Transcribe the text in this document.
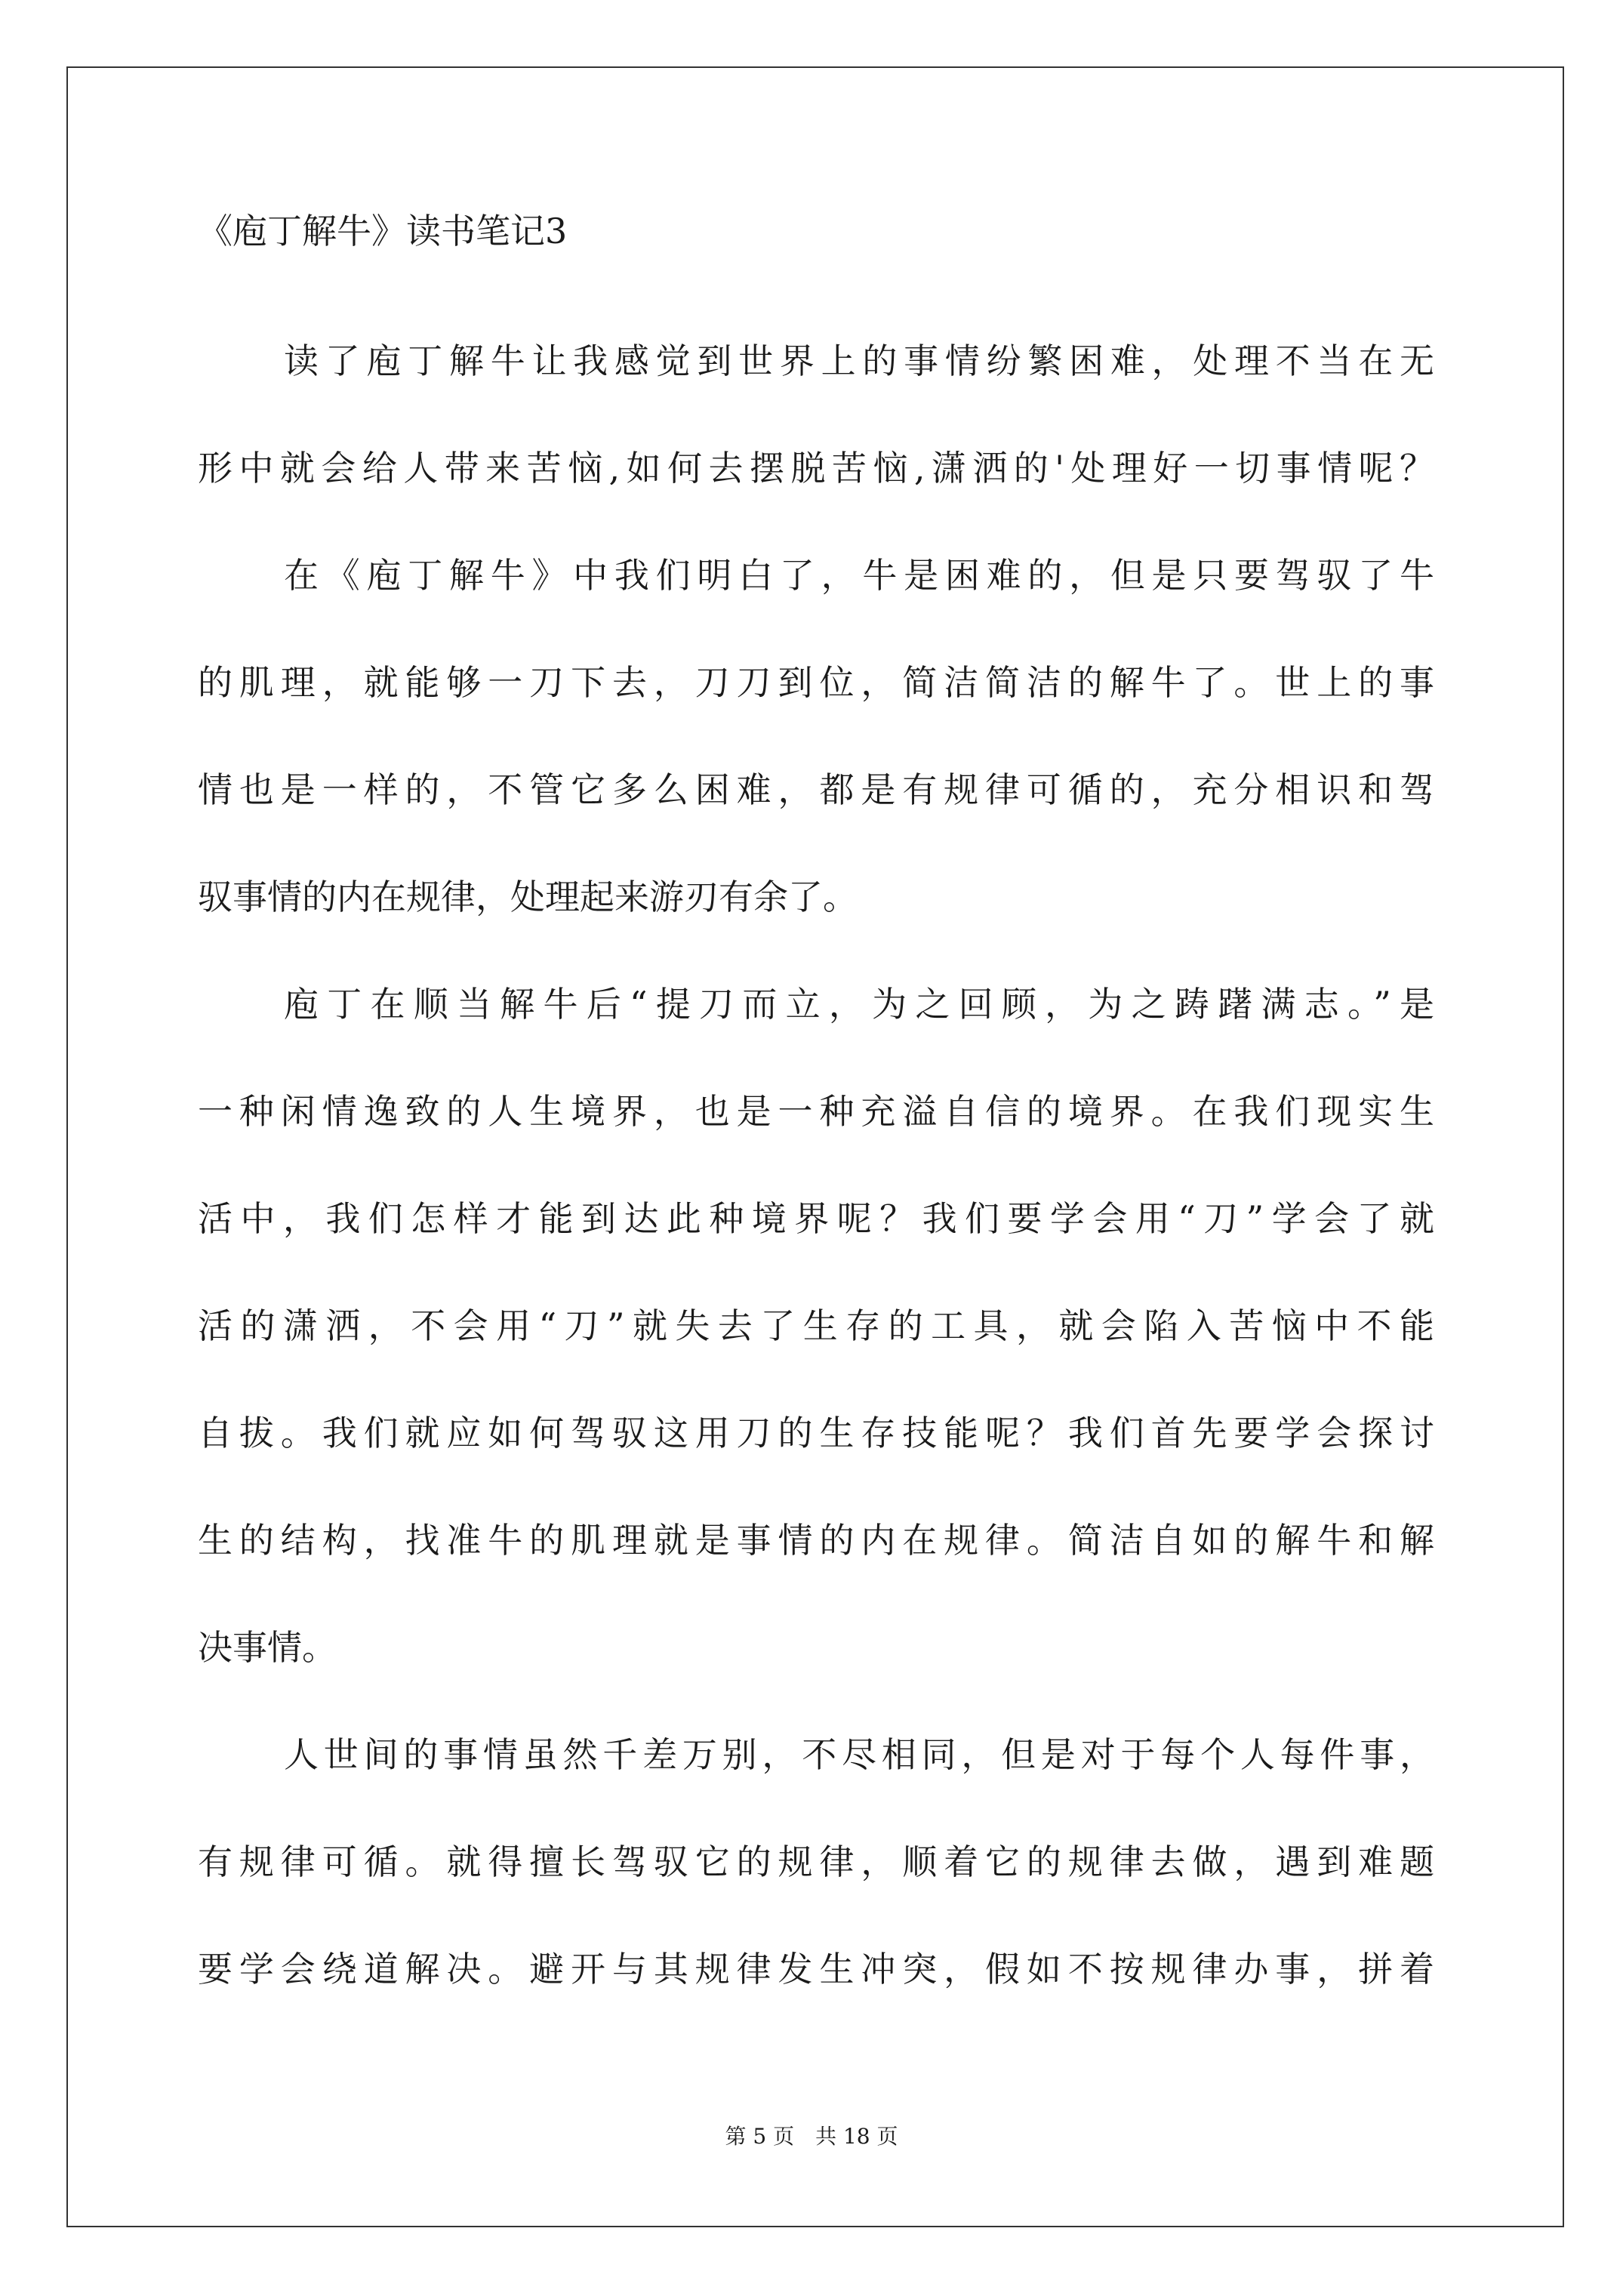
《庖丁解牛》读书笔记3

读了庖丁解牛让我感觉到世界上的事情纷繁困难，处理不当在无

形中就会给人带来苦恼,如何去摆脱苦恼,潇洒的'处理好一切事情呢？

在《庖丁解牛》中我们明白了，牛是困难的，但是只要驾驭了牛

的肌理，就能够一刀下去，刀刀到位，简洁简洁的解牛了。世上的事

情也是一样的，不管它多么困难，都是有规律可循的，充分相识和驾

驭事情的内在规律，处理起来游刃有余了。

庖丁在顺当解牛后“提刀而立，为之回顾，为之踌躇满志。”是

一种闲情逸致的人生境界，也是一种充溢自信的境界。在我们现实生

活中，我们怎样才能到达此种境界呢？我们要学会用“刀”学会了就

活的潇洒，不会用“刀”就失去了生存的工具，就会陷入苦恼中不能

自拔。我们就应如何驾驭这用刀的生存技能呢？我们首先要学会探讨

生的结构，找准牛的肌理就是事情的内在规律。简洁自如的解牛和解

决事情。

人世间的事情虽然千差万别，不尽相同，但是对于每个人每件事，

有规律可循。就得擅长驾驭它的规律，顺着它的规律去做，遇到难题

要学会绕道解决。避开与其规律发生冲突，假如不按规律办事，拼着

第 5 页　共 18 页
